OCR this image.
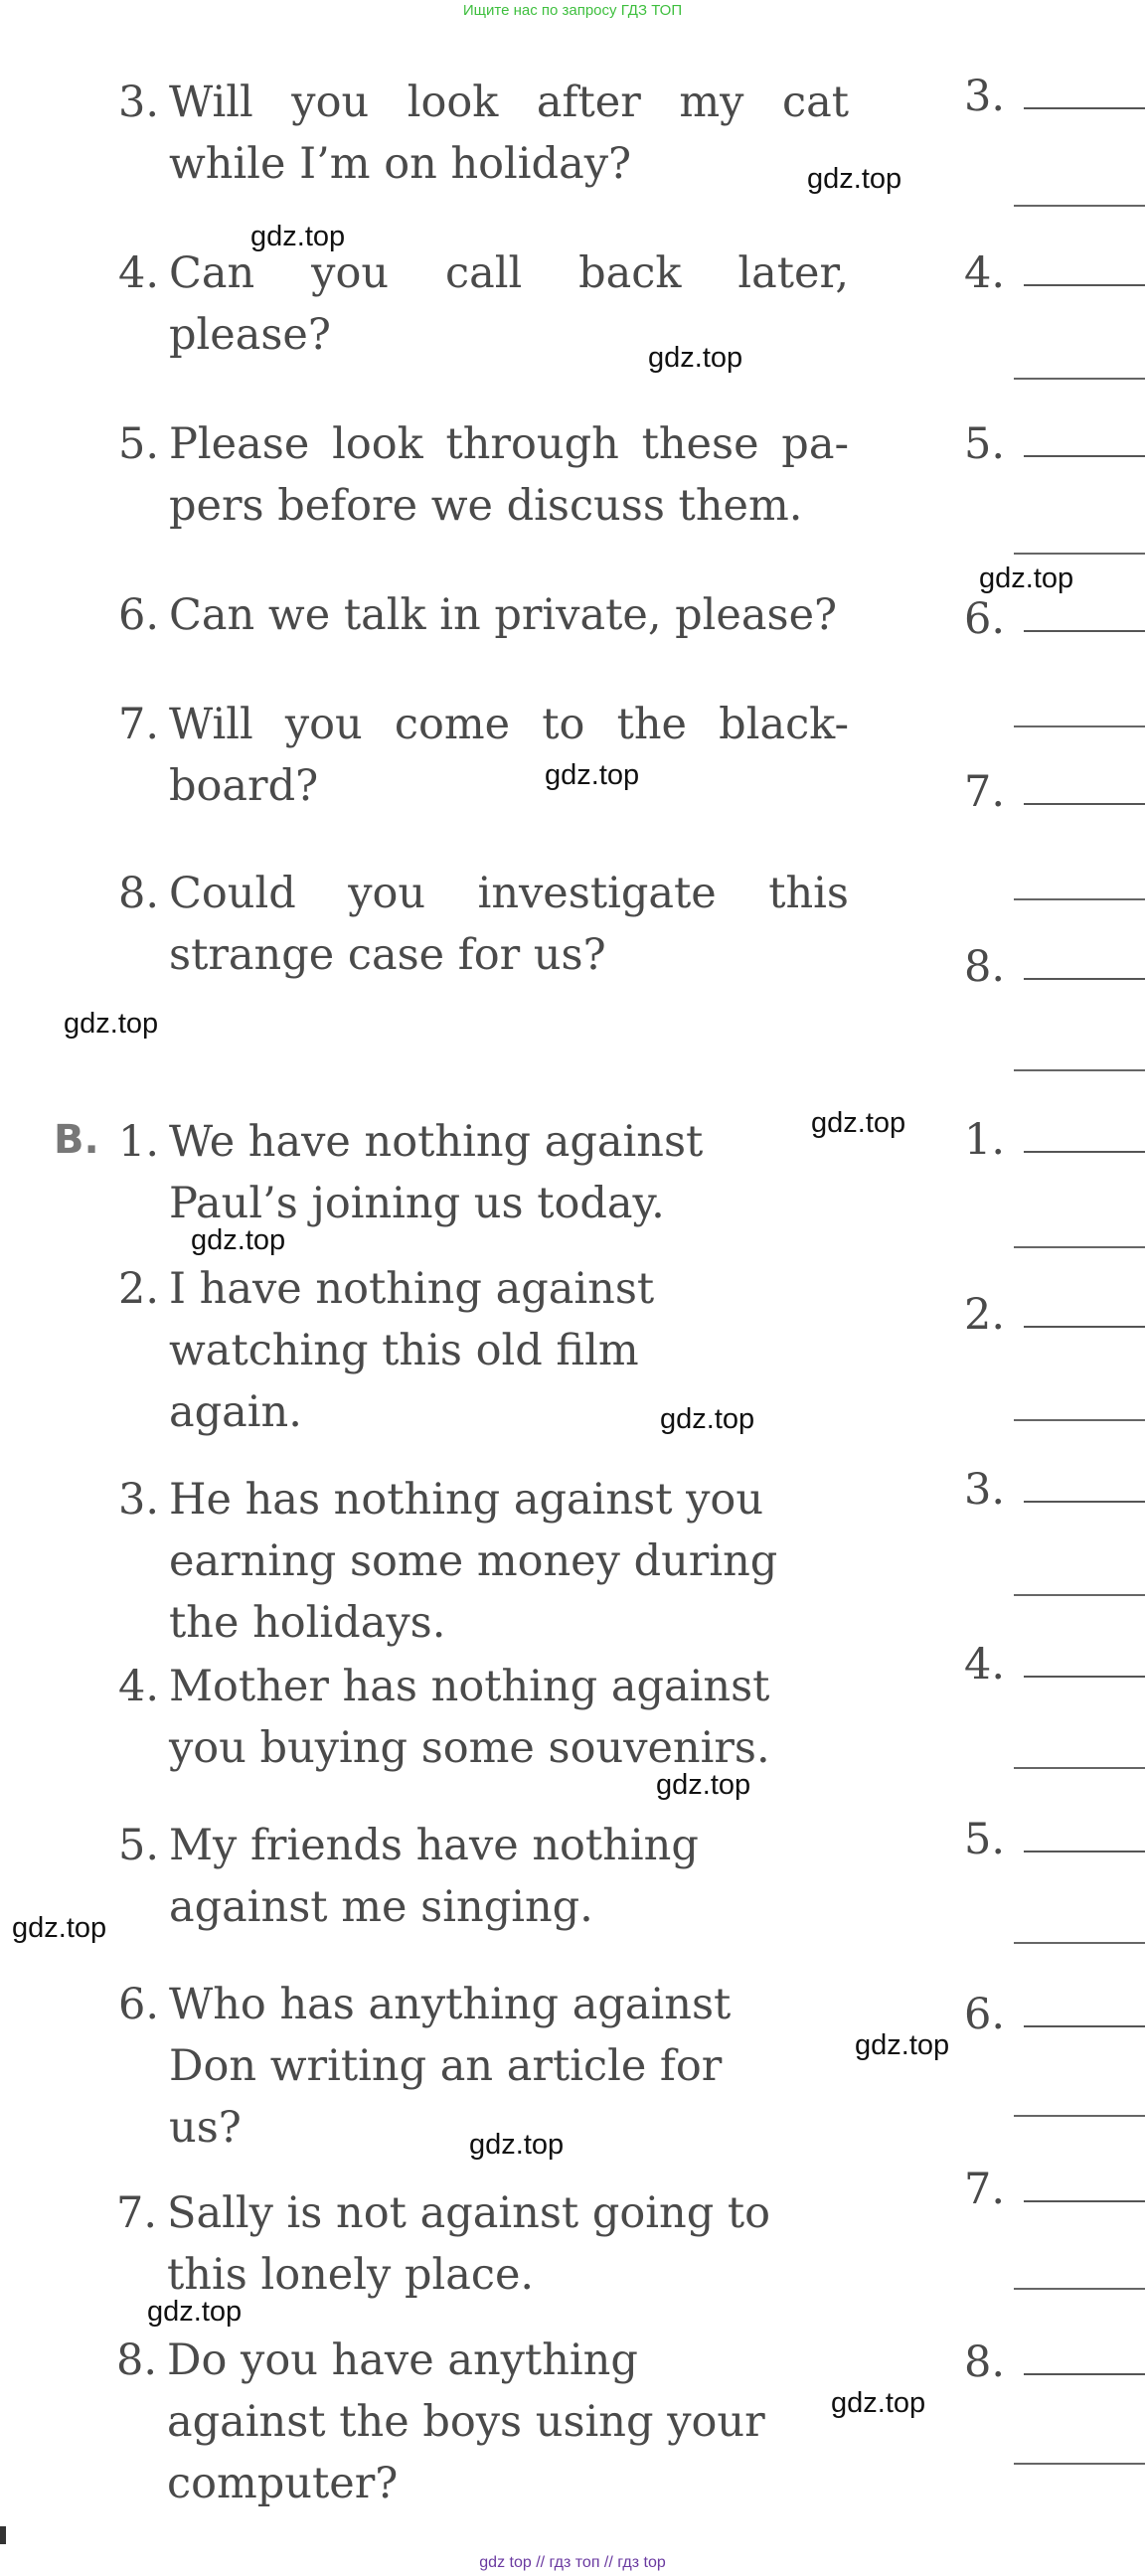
Ищите нас по запросу ГДЗ ТОП
3. Will you look after my cat
while I’m on holiday?
4. Can you call back later,
please?
5. Please look through these pa-
pers before we discuss them.
6. Can we talk in private, please?
7. Will you come to the black-
board?
8. Could you investigate this
strange case for us?
B. 1. We have nothing against
Paul’s joining us today.
2. I have nothing against
watching this old film
again.
3. He has nothing against you
earning some money during
the holidays.
4. Mother has nothing against
you buying some souvenirs.
5. My friends have nothing
against me singing.
6. Who has anything against
Don writing an article for
us?
7. Sally is not against going to
this lonely place.
8. Do you have anything
against the boys using your
computer?
3.
4.
5.
6.
7.
8.
1.
2.
3.
4.
5.
6.
7.
8.
gdz.top
gdz.top
gdz.top
gdz.top
gdz.top
gdz.top
gdz.top
gdz.top
gdz.top
gdz.top
gdz.top
gdz.top
gdz.top
gdz.top
gdz.top
gdz top // гдз топ // гдз top
